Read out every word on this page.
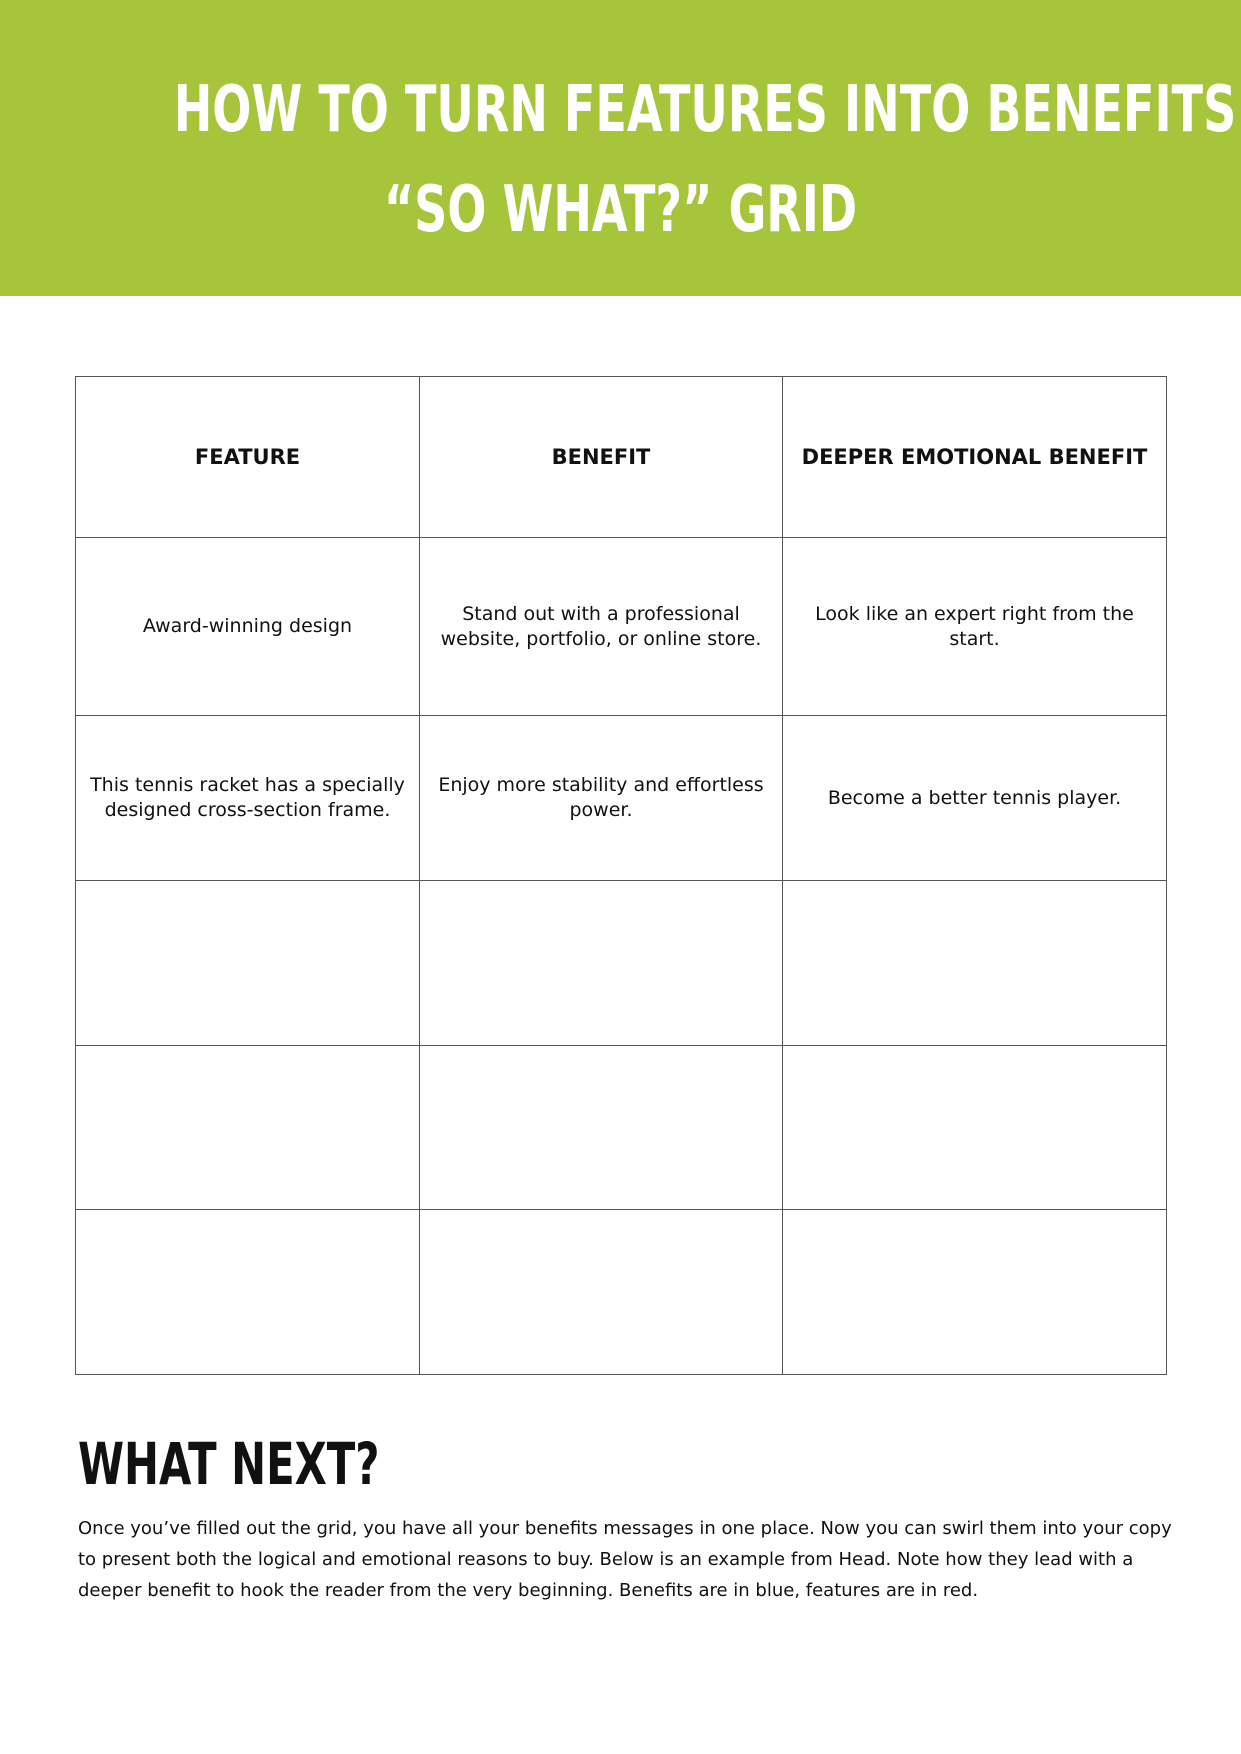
HOW TO TURN FEATURES INTO BENEFITS
“SO WHAT?” GRID
FEATURE	BENEFIT	DEEPER EMOTIONAL BENEFIT
Award-winning design	Stand out with a professional website, portfolio, or online store.	Look like an expert right from the start.
This tennis racket has a specially designed cross-section frame.	Enjoy more stability and effortless power.	Become a better tennis player.

WHAT NEXT?

Once you’ve filled out the grid, you have all your benefits messages in one place. Now you can swirl them into your copy to present both the logical and emotional reasons to buy. Below is an example from Head. Note how they lead with a deeper benefit to hook the reader from the very beginning. Benefits are in blue, features are in red.
